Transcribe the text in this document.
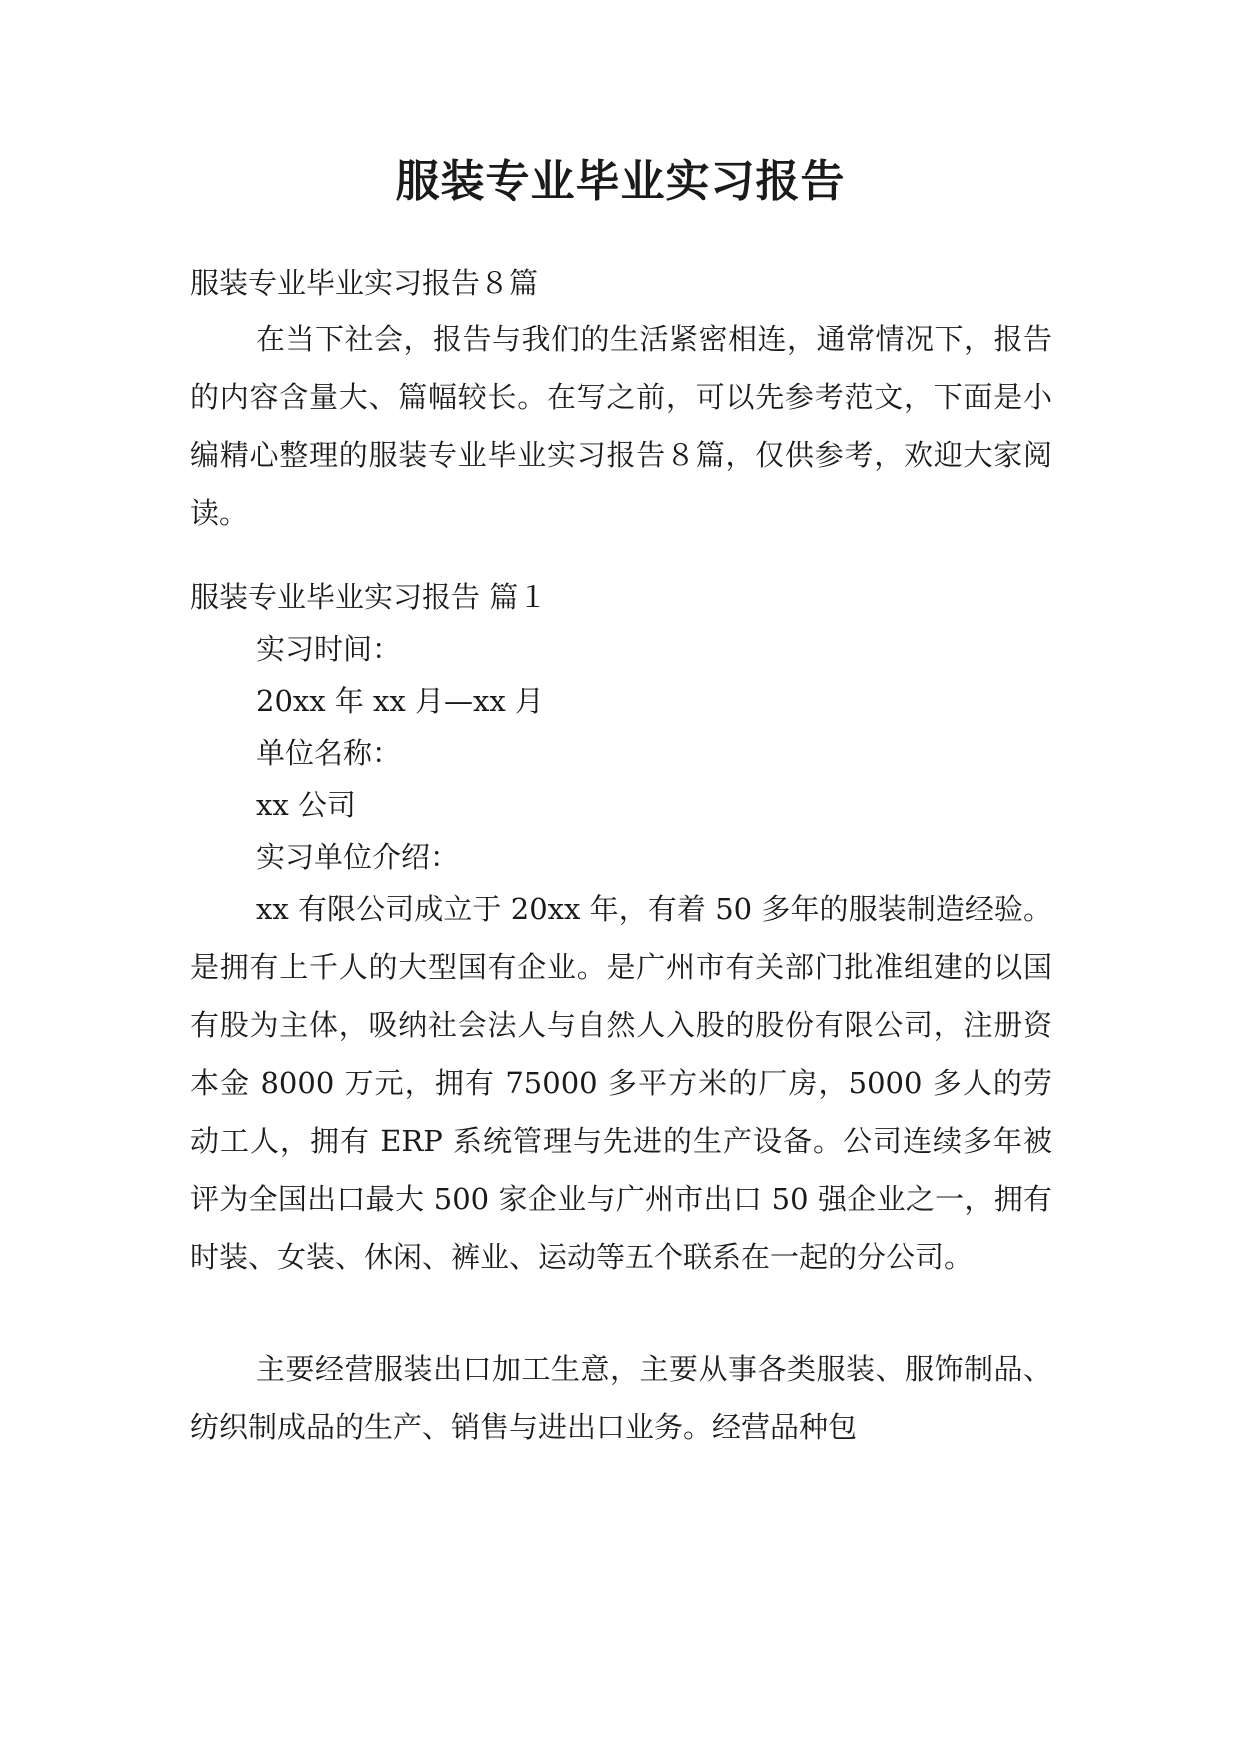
服装专业毕业实习报告
服装专业毕业实习报告８篇

在当下社会，报告与我们的生活紧密相连，通常情况下，报告的内容含量大、篇幅较长。在写之前，可以先参考范文，下面是小编精心整理的服装专业毕业实习报告８篇，仅供参考，欢迎大家阅读。

服装专业毕业实习报告 篇１
实习时间：
20xx 年 xx 月—xx 月
单位名称：
xx 公司
实习单位介绍：

xx 有限公司成立于 20xx 年，有着 50 多年的服装制造经验。是拥有上千人的大型国有企业。是广州市有关部门批准组建的以国有股为主体，吸纳社会法人与自然人入股的股份有限公司，注册资本金 8000 万元，拥有 75000 多平方米的厂房，5000 多人的劳动工人，拥有 ERP 系统管理与先进的生产设备。公司连续多年被评为全国出口最大 500 家企业与广州市出口 50 强企业之一，拥有时装、女装、休闲、裤业、运动等五个联系在一起的分公司。

主要经营服装出口加工生意，主要从事各类服装、服饰制品、纺织制成品的生产、销售与进出口业务。经营品种包
